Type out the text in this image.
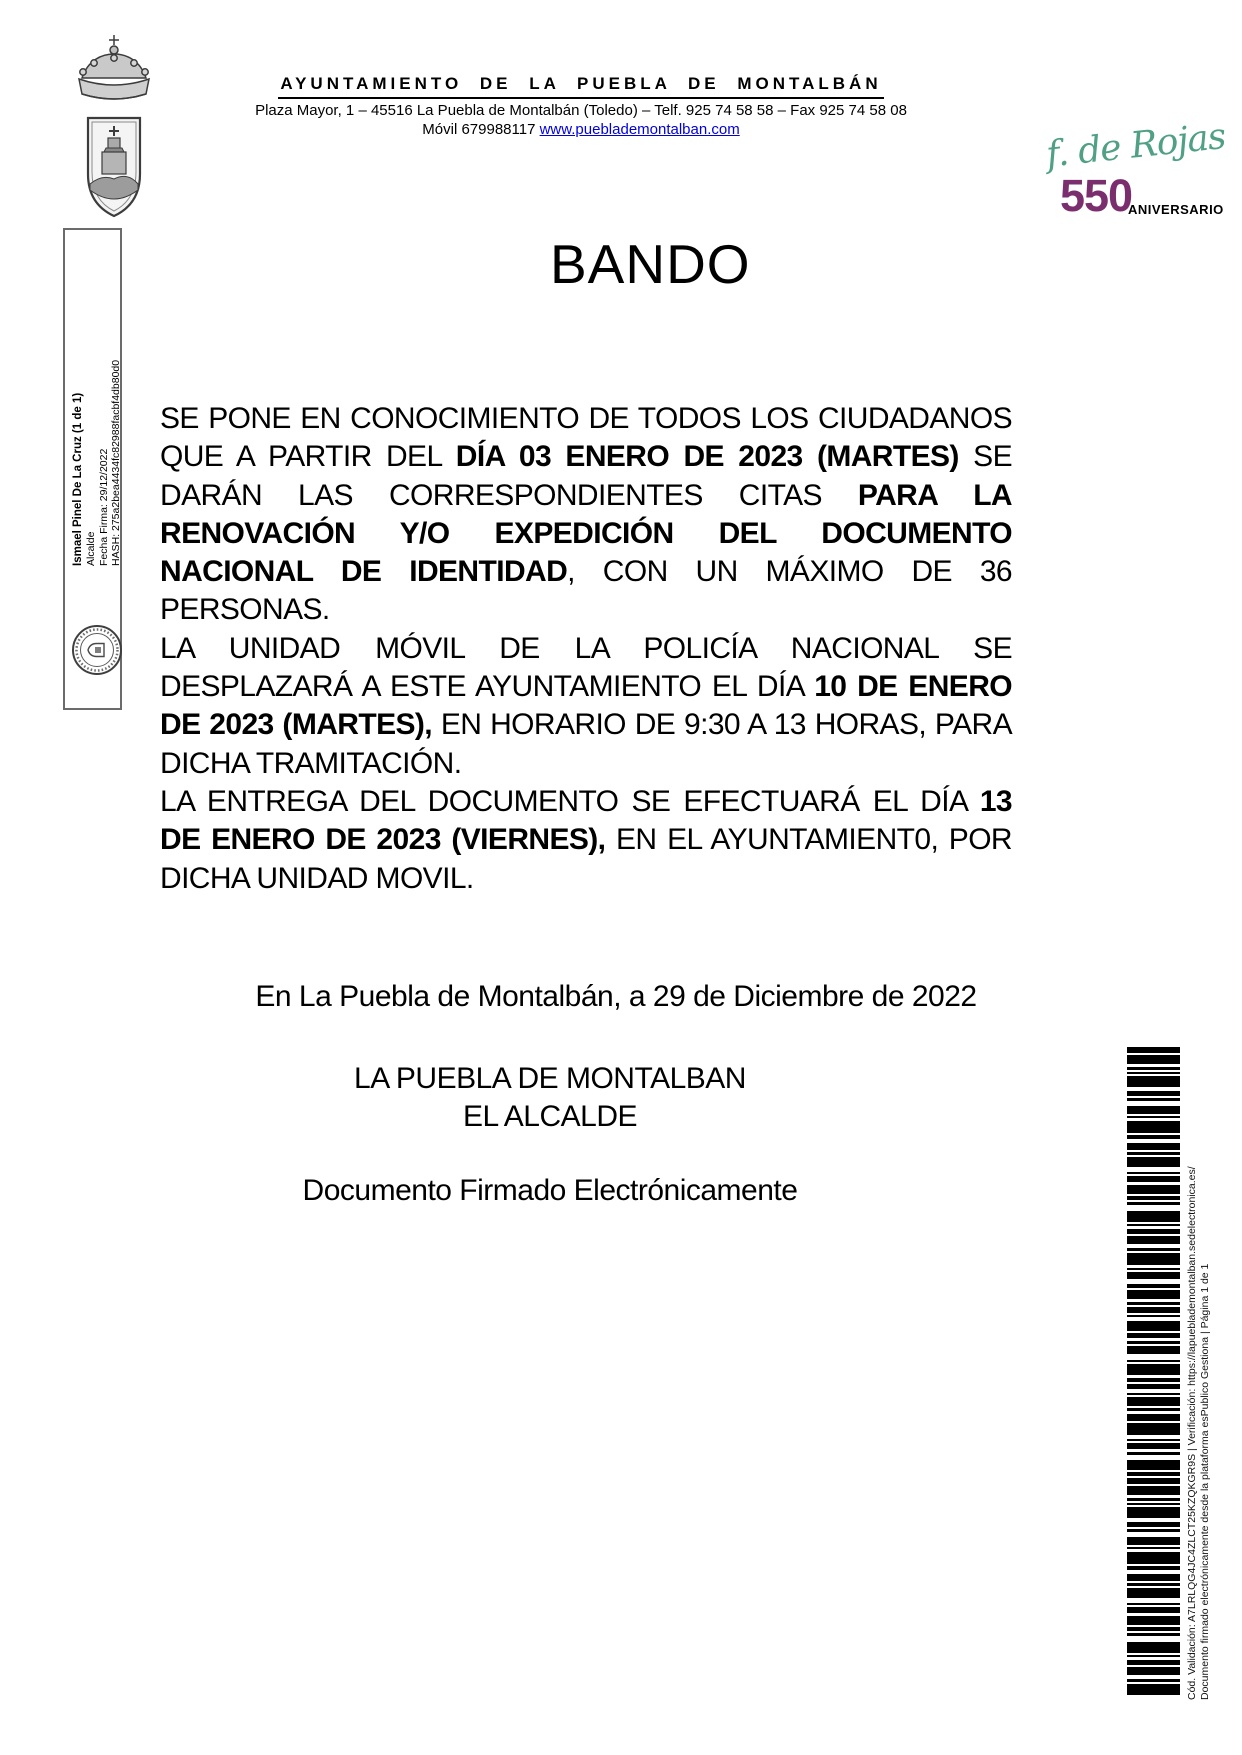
AYUNTAMIENTO DE LA PUEBLA DE MONTALBÁN
Plaza Mayor, 1 – 45516 La Puebla de Montalbán (Toledo) – Telf. 925 74 58 58 – Fax 925 74 58 08
Móvil 679988117 www.pueblademontalban.com	f. de Rojas
550
ANIVERSARIO
BANDO
Ismael Pinel De La Cruz (1 de 1) Alcalde Fecha Firma: 29/12/2022 HASH: 275a2bea4434fc82988facbf4db80d0 SE PONE EN CONOCIMIENTO DE TODOS LOS CIUDADANOS QUE A PARTIR DEL DÍA 03 ENERO DE 2023 (MARTES) SE DARÁN LAS CORRESPONDIENTES CITAS PARA LA RENOVACIÓN Y/O EXPEDICIÓN DEL DOCUMENTO NACIONAL DE IDENTIDAD, CON UN MÁXIMO DE 36 PERSONAS.
LA UNIDAD MÓVIL DE LA POLICÍA NACIONAL SE DESPLAZARÁ A ESTE AYUNTAMIENTO EL DÍA 10 DE ENERO DE 2023 (MARTES), EN HORARIO DE 9:30 A 13 HORAS, PARA DICHA TRAMITACIÓN.
LA ENTREGA DEL DOCUMENTO SE EFECTUARÁ EL DÍA 13 DE ENERO DE 2023 (VIERNES), EN EL AYUNTAMIENT0, POR DICHA UNIDAD MOVIL.
En La Puebla de Montalbán, a 29 de Diciembre de 2022
LA PUEBLA DE MONTALBAN
EL ALCALDE
Documento Firmado Electrónicamente	Cód. Validación: A7LRLQG4JC4ZLCT25KZQKGR9S | Verificación: https://lapueblademontalban.sedelectronica.es/ Documento firmado electrónicamente desde la plataforma esPublico Gestiona | Página 1 de 1
